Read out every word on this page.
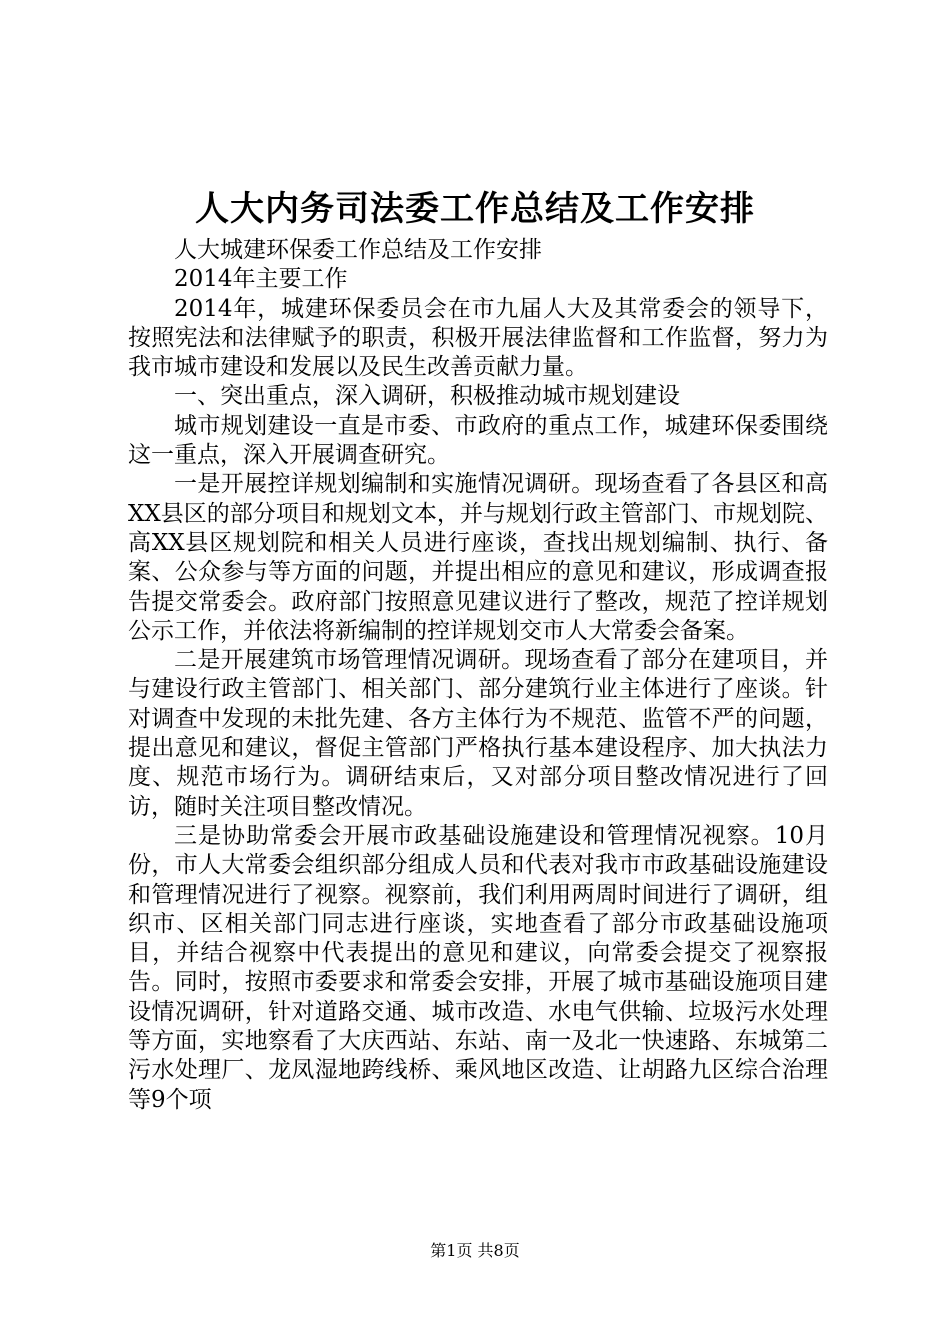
人大内务司法委工作总结及工作安排

人大城建环保委工作总结及工作安排

2014年主要工作

2014年，城建环保委员会在市九届人大及其常委会的领导下，按照宪法和法律赋予的职责，积极开展法律监督和工作监督，努力为我市城市建设和发展以及民生改善贡献力量。

一、突出重点，深入调研，积极推动城市规划建设

城市规划建设一直是市委、市政府的重点工作，城建环保委围绕这一重点，深入开展调查研究。

一是开展控详规划编制和实施情况调研。现场查看了各县区和高XX县区的部分项目和规划文本，并与规划行政主管部门、市规划院、高XX县区规划院和相关人员进行座谈，查找出规划编制、执行、备案、公众参与等方面的问题，并提出相应的意见和建议，形成调查报告提交常委会。政府部门按照意见建议进行了整改，规范了控详规划公示工作，并依法将新编制的控详规划交市人大常委会备案。

二是开展建筑市场管理情况调研。现场查看了部分在建项目，并与建设行政主管部门、相关部门、部分建筑行业主体进行了座谈。针对调查中发现的未批先建、各方主体行为不规范、监管不严的问题，提出意见和建议，督促主管部门严格执行基本建设程序、加大执法力度、规范市场行为。调研结束后，又对部分项目整改情况进行了回访，随时关注项目整改情况。

三是协助常委会开展市政基础设施建设和管理情况视察。10月份，市人大常委会组织部分组成人员和代表对我市市政基础设施建设和管理情况进行了视察。视察前，我们利用两周时间进行了调研，组织市、区相关部门同志进行座谈，实地查看了部分市政基础设施项目，并结合视察中代表提出的意见和建议，向常委会提交了视察报告。同时，按照市委要求和常委会安排，开展了城市基础设施项目建设情况调研，针对道路交通、城市改造、水电气供输、垃圾污水处理等方面，实地察看了大庆西站、东站、南一及北一快速路、东城第二污水处理厂、龙凤湿地跨线桥、乘风地区改造、让胡路九区综合治理等9个项

第1页 共8页
